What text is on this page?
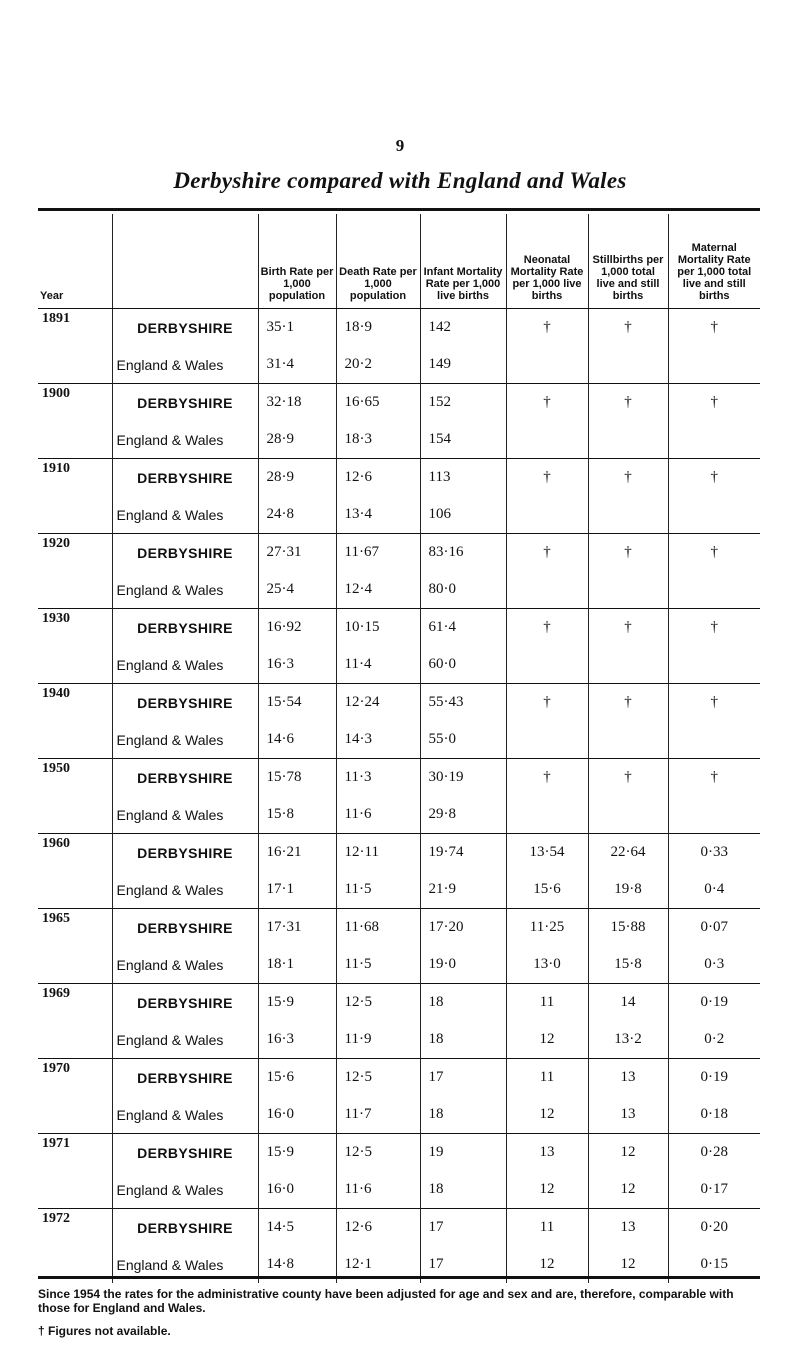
9
Derbyshire compared with England and Wales
Year		Birth Rate per 1,000 population	Death Rate per 1,000 population	Infant Mortality Rate per 1,000 live births	Neonatal Mortality Rate per 1,000 live births	Stillbirths per 1,000 total live and still births	Maternal Mortality Rate per 1,000 total live and still births
1891	DERBYSHIRE	35·1	18·9	142	†	†	†
	England & Wales	31·4	20·2	149			
1900	DERBYSHIRE	32·18	16·65	152	†	†	†
	England & Wales	28·9	18·3	154			
1910	DERBYSHIRE	28·9	12·6	113	†	†	†
	England & Wales	24·8	13·4	106			
1920	DERBYSHIRE	27·31	11·67	83·16	†	†	†
	England & Wales	25·4	12·4	80·0			
1930	DERBYSHIRE	16·92	10·15	61·4	†	†	†
	England & Wales	16·3	11·4	60·0			
1940	DERBYSHIRE	15·54	12·24	55·43	†	†	†
	England & Wales	14·6	14·3	55·0			
1950	DERBYSHIRE	15·78	11·3	30·19	†	†	†
	England & Wales	15·8	11·6	29·8			
1960	DERBYSHIRE	16·21	12·11	19·74	13·54	22·64	0·33
	England & Wales	17·1	11·5	21·9	15·6	19·8	0·4
1965	DERBYSHIRE	17·31	11·68	17·20	11·25	15·88	0·07
	England & Wales	18·1	11·5	19·0	13·0	15·8	0·3
1969	DERBYSHIRE	15·9	12·5	18	11	14	0·19
	England & Wales	16·3	11·9	18	12	13·2	0·2
1970	DERBYSHIRE	15·6	12·5	17	11	13	0·19
	England & Wales	16·0	11·7	18	12	13	0·18
1971	DERBYSHIRE	15·9	12·5	19	13	12	0·28
	England & Wales	16·0	11·6	18	12	12	0·17
1972	DERBYSHIRE	14·5	12·6	17	11	13	0·20
	England & Wales	14·8	12·1	17	12	12	0·15
Since 1954 the rates for the administrative county have been adjusted for age and sex and are, therefore, comparable with those for England and Wales.
† Figures not available.
